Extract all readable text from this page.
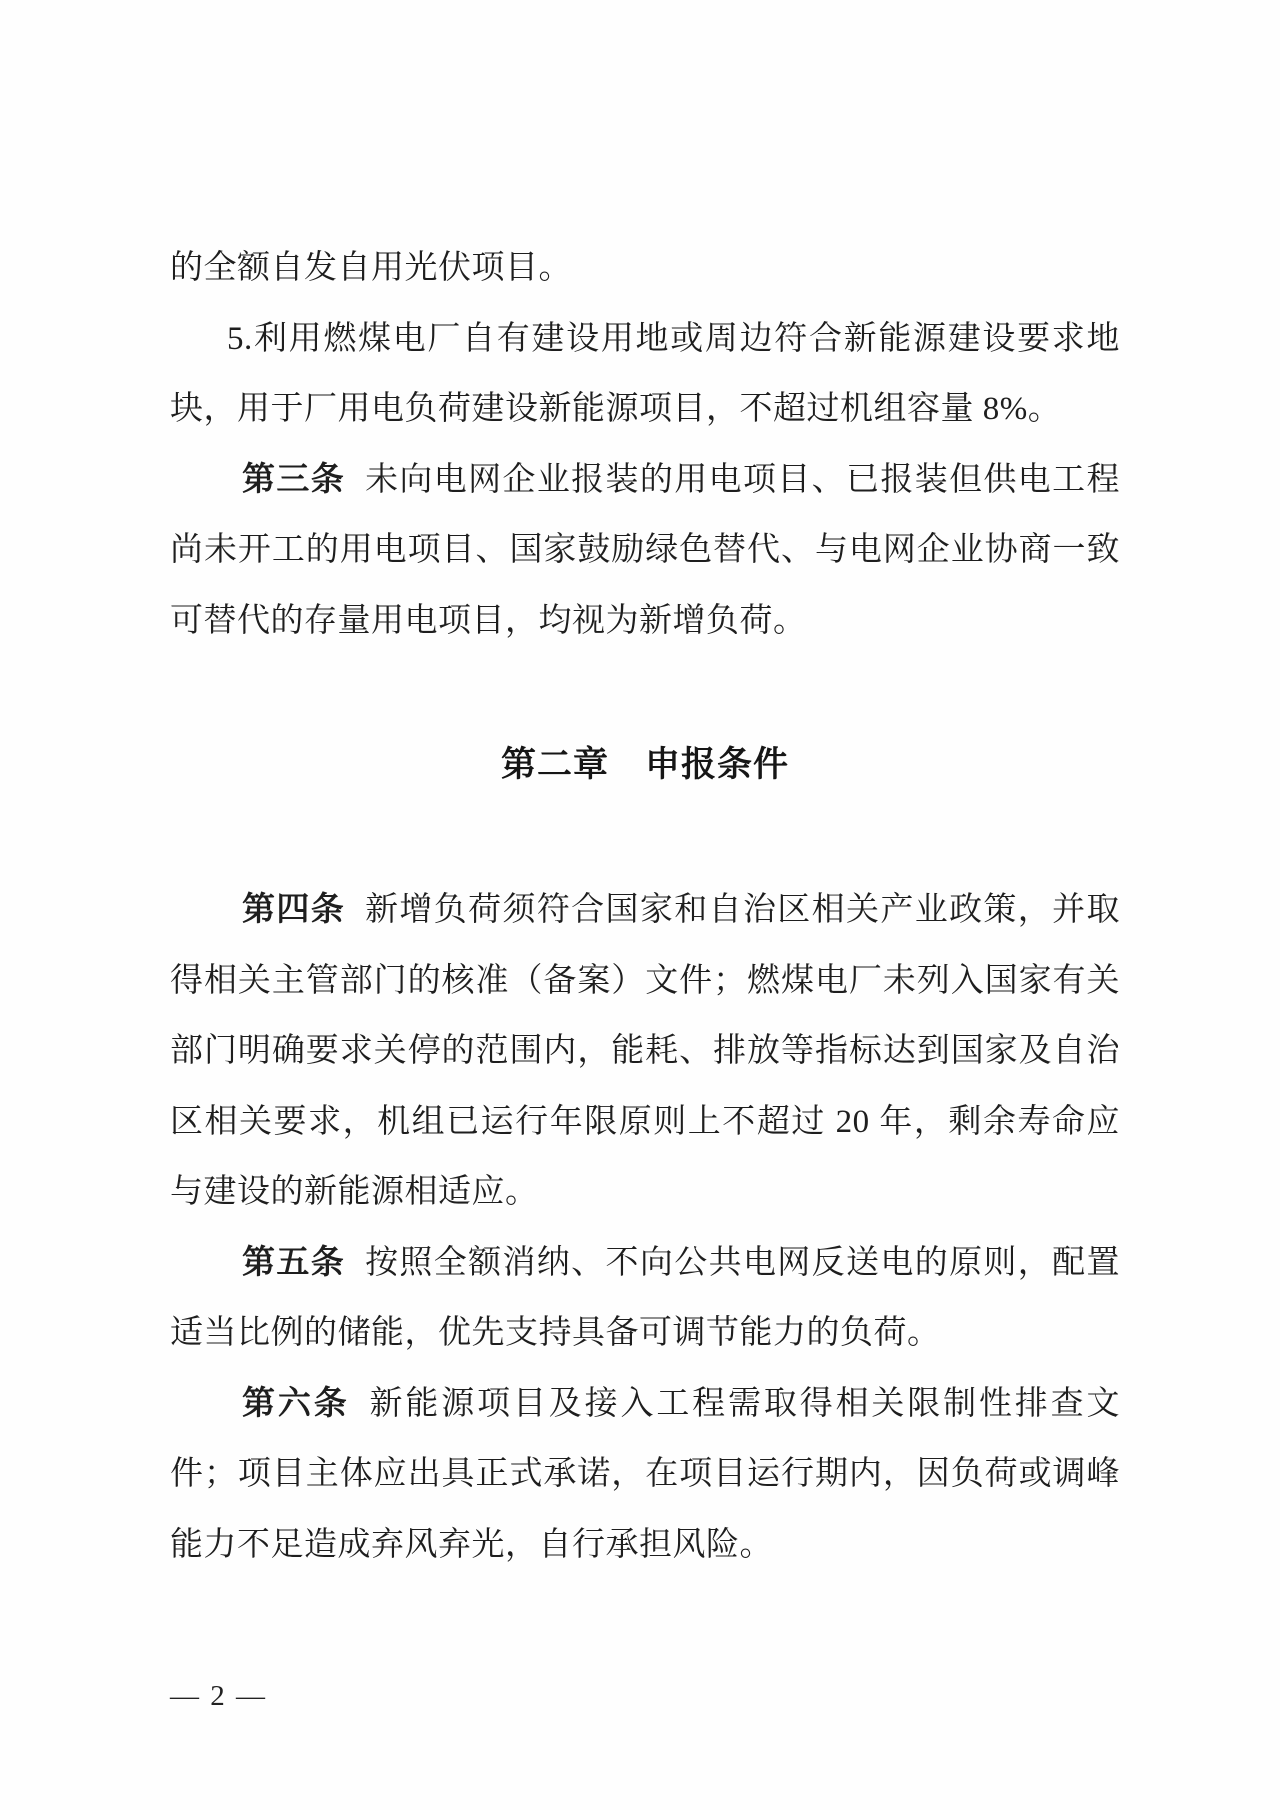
的全额自发自用光伏项目。
5.利用燃煤电厂自有建设用地或周边符合新能源建设要求地
块，用于厂用电负荷建设新能源项目，不超过机组容量 8%。
第三条 未向电网企业报装的用电项目、已报装但供电工程
尚未开工的用电项目、国家鼓励绿色替代、与电网企业协商一致
可替代的存量用电项目，均视为新增负荷。
第二章　申报条件
第四条 新增负荷须符合国家和自治区相关产业政策，并取
得相关主管部门的核准（备案）文件；燃煤电厂未列入国家有关
部门明确要求关停的范围内，能耗、排放等指标达到国家及自治
区相关要求，机组已运行年限原则上不超过 20 年，剩余寿命应
与建设的新能源相适应。
第五条 按照全额消纳、不向公共电网反送电的原则，配置
适当比例的储能，优先支持具备可调节能力的负荷。
第六条 新能源项目及接入工程需取得相关限制性排查文
件；项目主体应出具正式承诺，在项目运行期内，因负荷或调峰
能力不足造成弃风弃光，自行承担风险。
— 2 —
